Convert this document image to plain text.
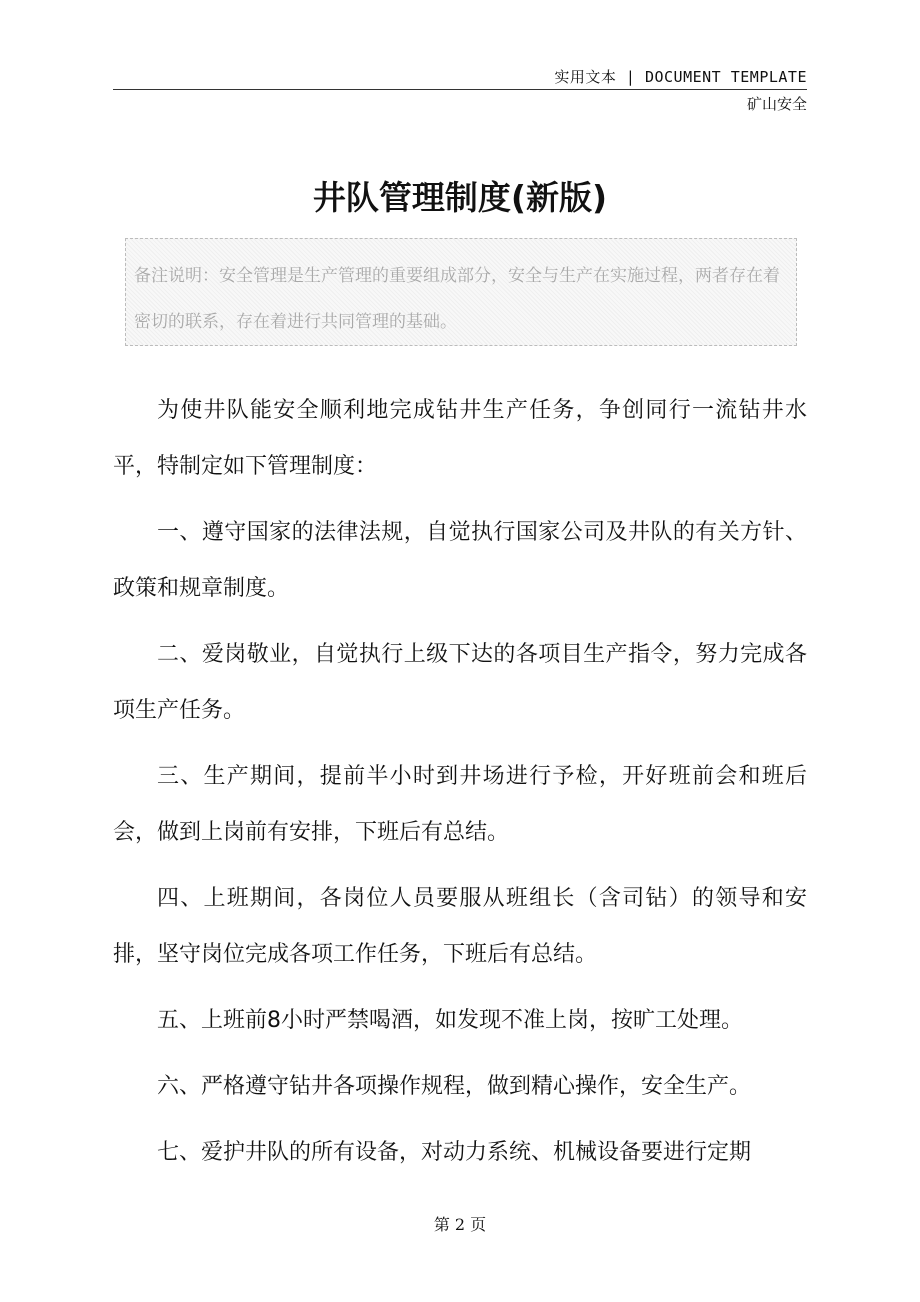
实用文本 | DOCUMENT TEMPLATE
矿山安全
井队管理制度(新版)
备注说明：安全管理是生产管理的重要组成部分，安全与生产在实施过程，两者存在着密切的联系，存在着进行共同管理的基础。

为使井队能安全顺利地完成钻井生产任务，争创同行一流钻井水平，特制定如下管理制度：

一、遵守国家的法律法规，自觉执行国家公司及井队的有关方针、政策和规章制度。

二、爱岗敬业，自觉执行上级下达的各项目生产指令，努力完成各项生产任务。

三、生产期间，提前半小时到井场进行予检，开好班前会和班后会，做到上岗前有安排，下班后有总结。

四、上班期间，各岗位人员要服从班组长（含司钻）的领导和安排，坚守岗位完成各项工作任务，下班后有总结。

五、上班前8小时严禁喝酒，如发现不准上岗，按旷工处理。

六、严格遵守钻井各项操作规程，做到精心操作，安全生产。

七、爱护井队的所有设备，对动力系统、机械设备要进行定期

第 2 页
